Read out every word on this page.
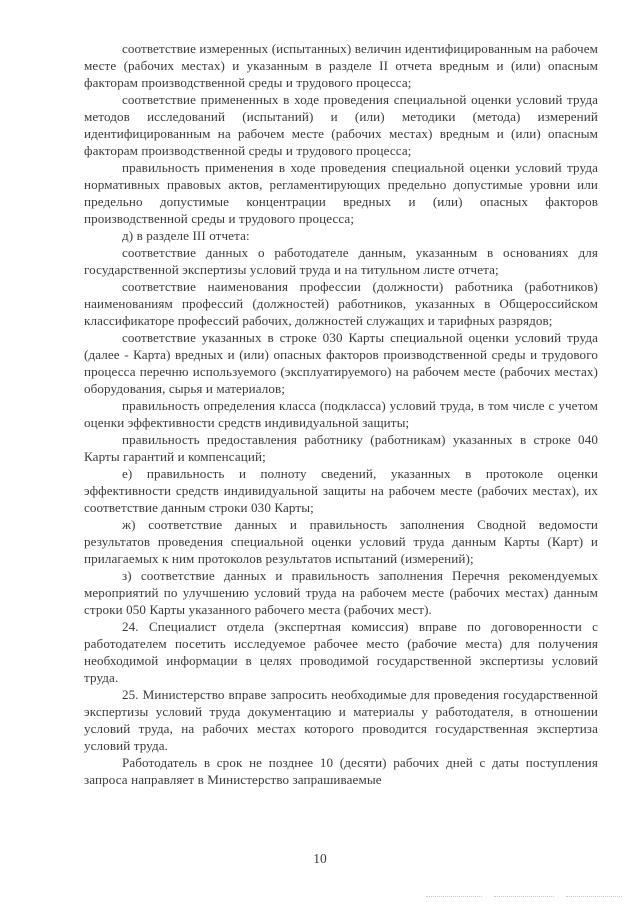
соответствие измеренных (испытанных) величин идентифицированным на рабочем месте (рабочих местах) и указанным в разделе II отчета вредным и (или) опасным факторам производственной среды и трудового процесса;

соответствие примененных в ходе проведения специальной оценки условий труда методов исследований (испытаний) и (или) методики (метода) измерений идентифицированным на рабочем месте (рабочих местах) вредным и (или) опасным факторам производственной среды и трудового процесса;

правильность применения в ходе проведения специальной оценки условий труда нормативных правовых актов, регламентирующих предельно допустимые уровни или предельно допустимые концентрации вредных и (или) опасных факторов производственной среды и трудового процесса;

д) в разделе III отчета:

соответствие данных о работодателе данным, указанным в основаниях для государственной экспертизы условий труда и на титульном листе отчета;

соответствие наименования профессии (должности) работника (работников) наименованиям профессий (должностей) работников, указанных в Общероссийском классификаторе профессий рабочих, должностей служащих и тарифных разрядов;

соответствие указанных в строке 030 Карты специальной оценки условий труда (далее - Карта) вредных и (или) опасных факторов производственной среды и трудового процесса перечню используемого (эксплуатируемого) на рабочем месте (рабочих местах) оборудования, сырья и материалов;

правильность определения класса (подкласса) условий труда, в том числе с учетом оценки эффективности средств индивидуальной защиты;

правильность предоставления работнику (работникам) указанных в строке 040 Карты гарантий и компенсаций;

е) правильность и полноту сведений, указанных в протоколе оценки эффективности средств индивидуальной защиты на рабочем месте (рабочих местах), их соответствие данным строки 030 Карты;

ж) соответствие данных и правильность заполнения Сводной ведомости результатов проведения специальной оценки условий труда данным Карты (Карт) и прилагаемых к ним протоколов результатов испытаний (измерений);

з) соответствие данных и правильность заполнения Перечня рекомендуемых мероприятий по улучшению условий труда на рабочем месте (рабочих местах) данным строки 050 Карты указанного рабочего места (рабочих мест).

24. Специалист отдела (экспертная комиссия) вправе по договоренности с работодателем посетить исследуемое рабочее место (рабочие места) для получения необходимой информации в целях проводимой государственной экспертизы условий труда.

25. Министерство вправе запросить необходимые для проведения государственной экспертизы условий труда документацию и материалы у работодателя, в отношении условий труда, на рабочих местах которого проводится государственная экспертиза условий труда.

Работодатель в срок не позднее 10 (десяти) рабочих дней с даты поступления запроса направляет в Министерство запрашиваемые

10
